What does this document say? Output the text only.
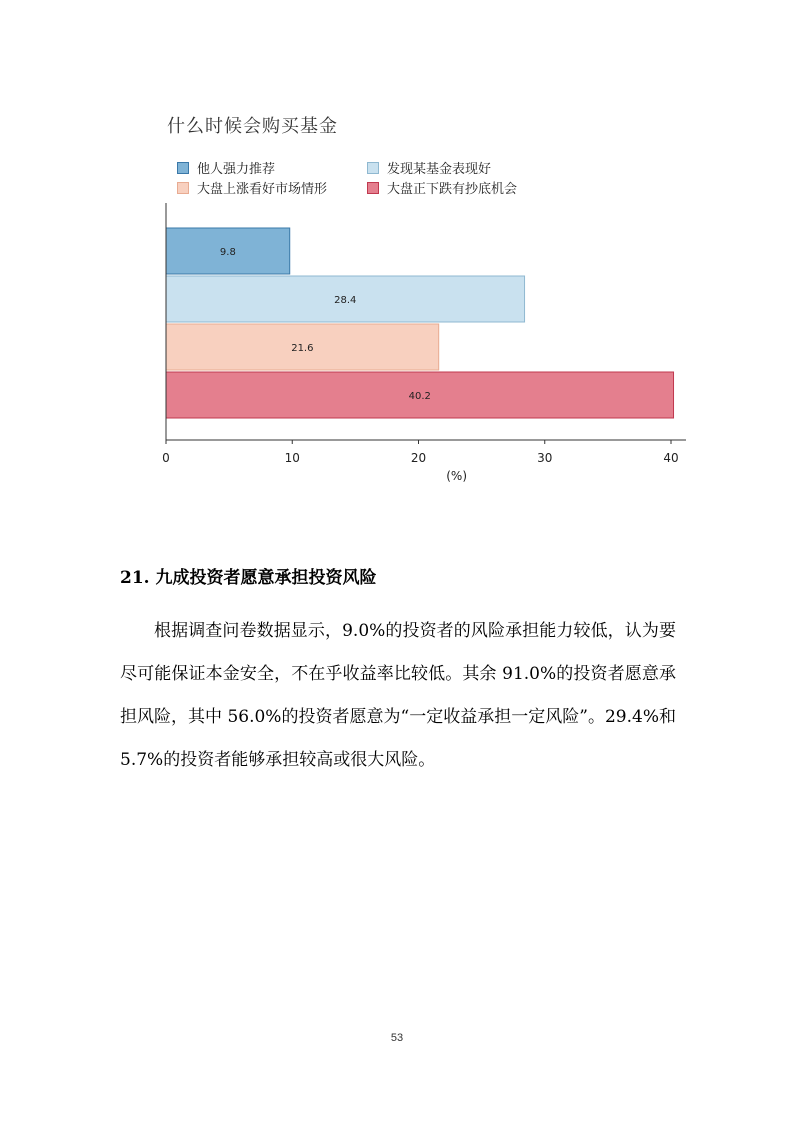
9.8
28.4
21.6
40.2
0	10	20	30	40
(%)
什么时候会购买基金
他人强力推荐	发现某基金表现好
大盘上涨看好市场情形	大盘正下跌有抄底机会
21. 九成投资者愿意承担投资风险

根据调查问卷数据显示，9.0%的投资者的风险承担能力较低，认为要尽可能保证本金安全，不在乎收益率比较低。其余 91.0%的投资者愿意承担风险，其中 56.0%的投资者愿意为“一定收益承担一定风险”。29.4%和 5.7%的投资者能够承担较高或很大风险。

53
